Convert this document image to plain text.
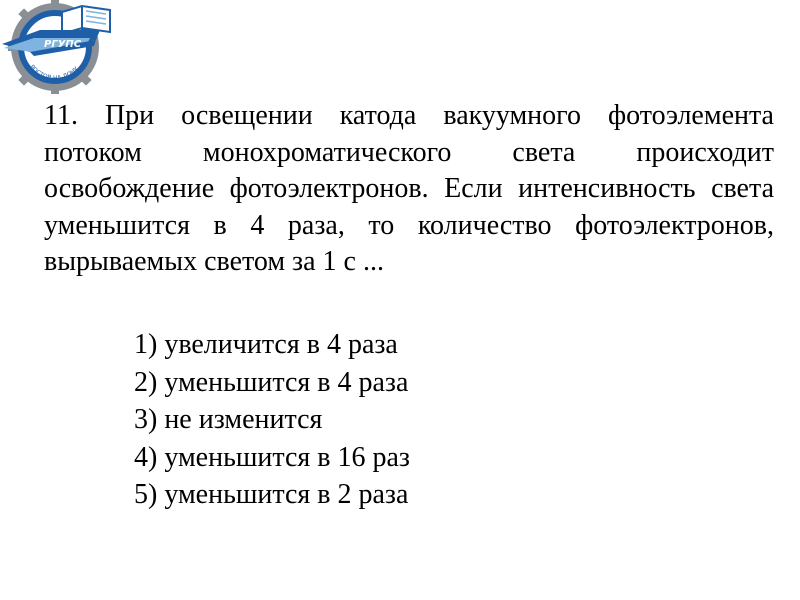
РОСТОВ-НА-ДОНУ
РГУПС

11. При освещении катода вакуумного фотоэлемента потоком монохроматического света происходит освобождение фотоэлектронов. Если интенсивность света уменьшится в 4 раза, то количество фотоэлектронов, вырываемых светом за 1 с ...

1) увеличится в 4 раза
2) уменьшится в 4 раза
3) не изменится
4) уменьшится в 16 раз
5) уменьшится в 2 раза
